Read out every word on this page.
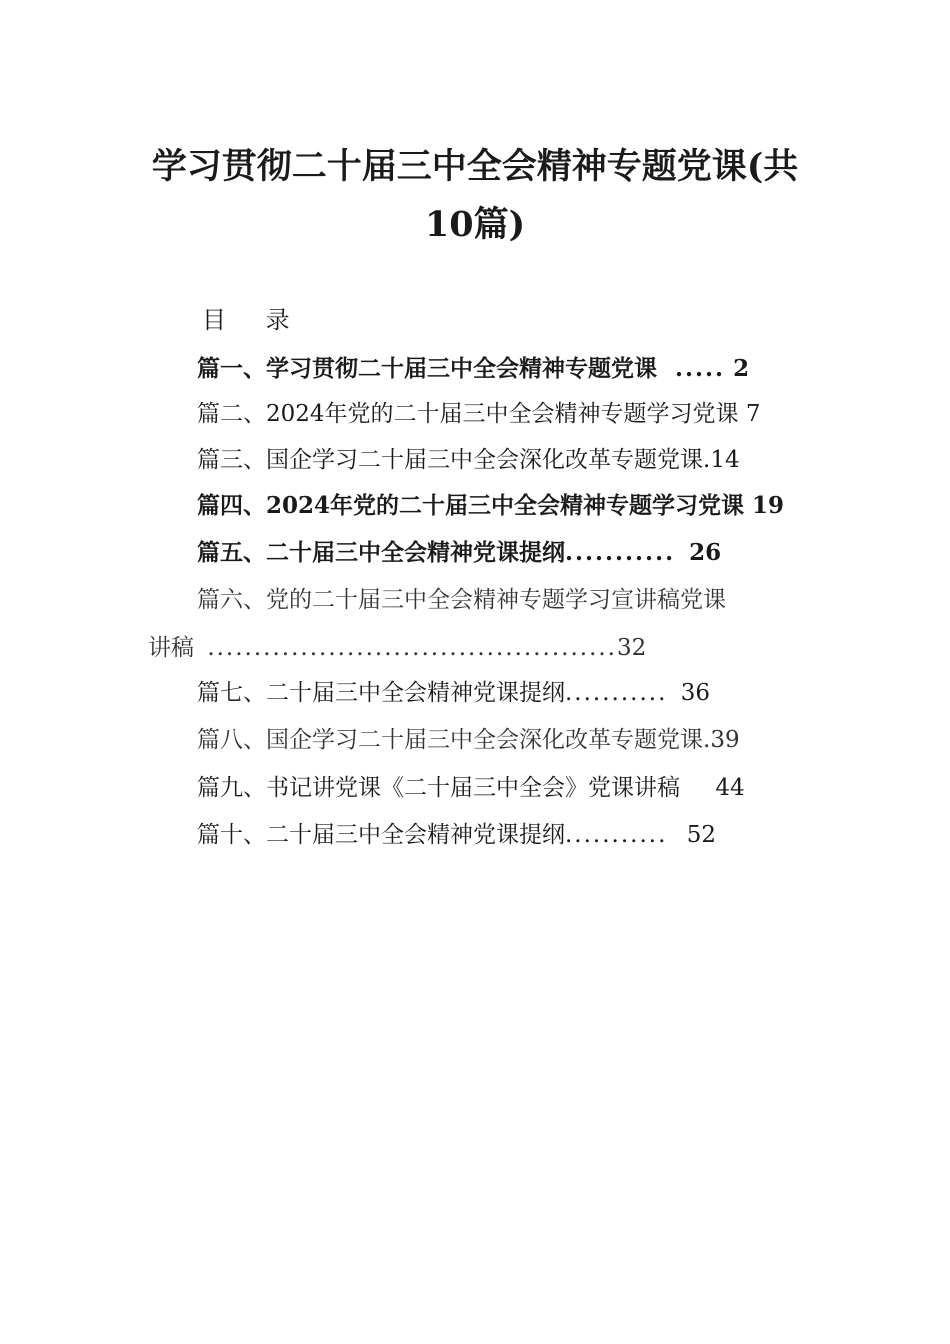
学习贯彻二十届三中全会精神专题党课(共
10篇)
目 录
篇一、学习贯彻二十届三中全会精神专题党课 ..... 2
篇二、2024年党的二十届三中全会精神专题学习党课 7
篇三、国企学习二十届三中全会深化改革专题党课.14
篇四、2024年党的二十届三中全会精神专题学习党课 19
篇五、二十届三中全会精神党课提纲........... 26
篇六、党的二十届三中全会精神专题学习宣讲稿党课
讲稿 ............................................32
篇七、二十届三中全会精神党课提纲........... 36
篇八、国企学习二十届三中全会深化改革专题党课.39
篇九、书记讲党课《二十届三中全会》党课讲稿 44
篇十、二十届三中全会精神党课提纲........... 52
